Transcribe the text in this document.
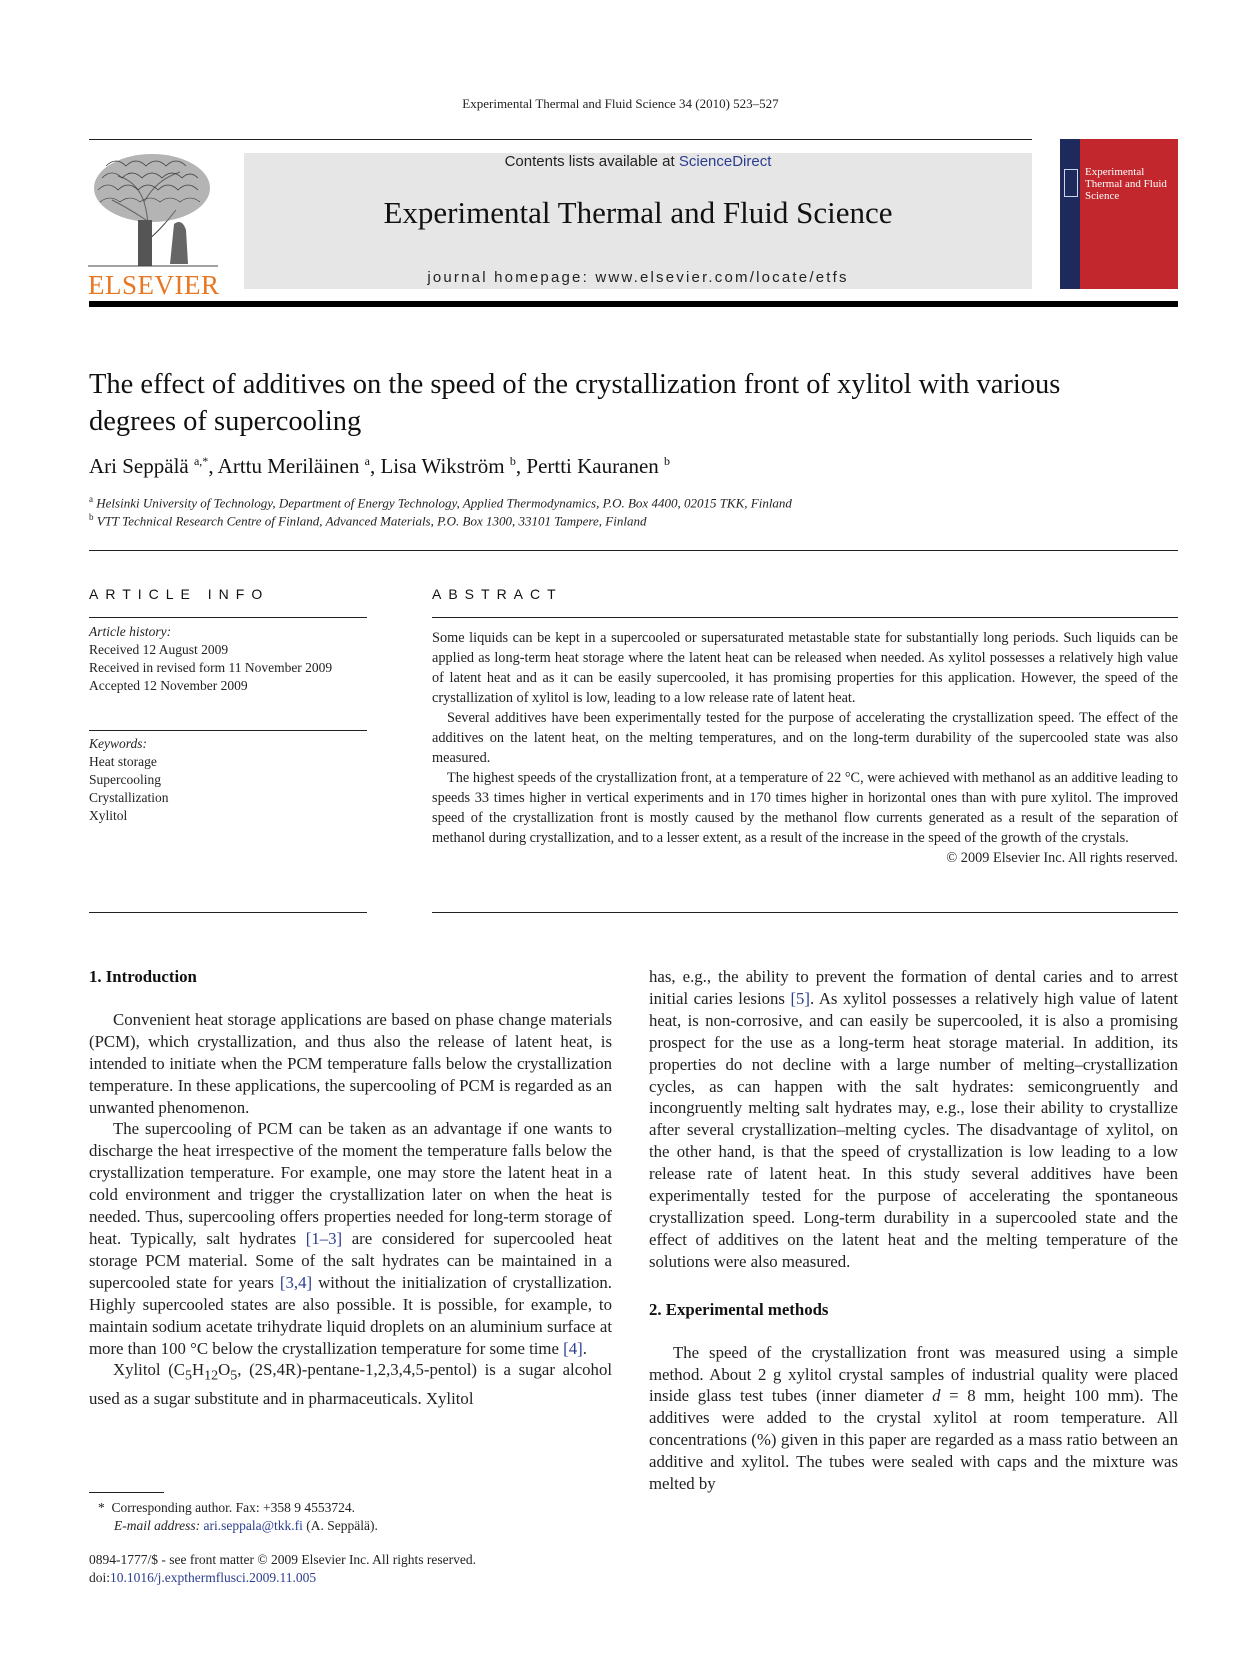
Experimental Thermal and Fluid Science 34 (2010) 523–527
ELSEVIER
Contents lists available at ScienceDirect
Experimental Thermal and Fluid Science
journal homepage: www.elsevier.com/locate/etfs
Experimental Thermal and Fluid Science
The effect of additives on the speed of the crystallization front of xylitol with various degrees of supercooling
Ari Seppälä $^{a,*}$, Arttu Meriläinen $^a$, Lisa Wikström $^b$, Pertti Kauranen $^b$
$^a$ Helsinki University of Technology, Department of Energy Technology, Applied Thermodynamics, P.O. Box 4400, 02015 TKK, Finland
$^b$ VTT Technical Research Centre of Finland, Advanced Materials, P.O. Box 1300, 33101 Tampere, Finland
ARTICLE INFO
Article history:
Received 12 August 2009
Received in revised form 11 November 2009
Accepted 12 November 2009
Keywords:
Heat storage
Supercooling
Crystallization
Xylitol
ABSTRACT

Some liquids can be kept in a supercooled or supersaturated metastable state for substantially long periods. Such liquids can be applied as long-term heat storage where the latent heat can be released when needed. As xylitol possesses a relatively high value of latent heat and as it can be easily supercooled, it has promising properties for this application. However, the speed of the crystallization of xylitol is low, leading to a low release rate of latent heat.

Several additives have been experimentally tested for the purpose of accelerating the crystallization speed. The effect of the additives on the latent heat, on the melting temperatures, and on the long-term durability of the supercooled state was also measured.

The highest speeds of the crystallization front, at a temperature of 22 °C, were achieved with methanol as an additive leading to speeds 33 times higher in vertical experiments and in 170 times higher in horizontal ones than with pure xylitol. The improved speed of the crystallization front is mostly caused by the methanol flow currents generated as a result of the separation of methanol during crystallization, and to a lesser extent, as a result of the increase in the speed of the growth of the crystals.

© 2009 Elsevier Inc. All rights reserved.

1. Introduction

Convenient heat storage applications are based on phase change materials (PCM), which crystallization, and thus also the release of latent heat, is intended to initiate when the PCM temperature falls below the crystallization temperature. In these applications, the supercooling of PCM is regarded as an unwanted phenomenon.

The supercooling of PCM can be taken as an advantage if one wants to discharge the heat irrespective of the moment the temperature falls below the crystallization temperature. For example, one may store the latent heat in a cold environment and trigger the crystallization later on when the heat is needed. Thus, supercooling offers properties needed for long-term storage of heat. Typically, salt hydrates [1–3] are considered for supercooled heat storage PCM material. Some of the salt hydrates can be maintained in a supercooled state for years [3,4] without the initialization of crystallization. Highly supercooled states are also possible. It is possible, for example, to maintain sodium acetate trihydrate liquid droplets on an aluminium surface at more than 100 °C below the crystallization temperature for some time [4].

Xylitol ($C_5H_{12}O_5$, (2S,4R)-pentane-1,2,3,4,5-pentol) is a sugar alcohol used as a sugar substitute and in pharmaceuticals. Xylitol

has, e.g., the ability to prevent the formation of dental caries and to arrest initial caries lesions [5]. As xylitol possesses a relatively high value of latent heat, is non-corrosive, and can easily be supercooled, it is also a promising prospect for the use as a long-term heat storage material. In addition, its properties do not decline with a large number of melting–crystallization cycles, as can happen with the salt hydrates: semicongruently and incongruently melting salt hydrates may, e.g., lose their ability to crystallize after several crystallization–melting cycles. The disadvantage of xylitol, on the other hand, is that the speed of crystallization is low leading to a low release rate of latent heat. In this study several additives have been experimentally tested for the purpose of accelerating the spontaneous crystallization speed. Long-term durability in a supercooled state and the effect of additives on the latent heat and the melting temperature of the solutions were also measured.

2. Experimental methods

The speed of the crystallization front was measured using a simple method. About 2 g xylitol crystal samples of industrial quality were placed inside glass test tubes (inner diameter d = 8 mm, height 100 mm). The additives were added to the crystal xylitol at room temperature. All concentrations (%) given in this paper are regarded as a mass ratio between an additive and xylitol. The tubes were sealed with caps and the mixture was melted by

* Corresponding author. Fax: +358 9 4553724.
E-mail address: ari.seppala@tkk.fi (A. Seppälä).
0894-1777/$ - see front matter © 2009 Elsevier Inc. All rights reserved.
doi:10.1016/j.expthermflusci.2009.11.005
